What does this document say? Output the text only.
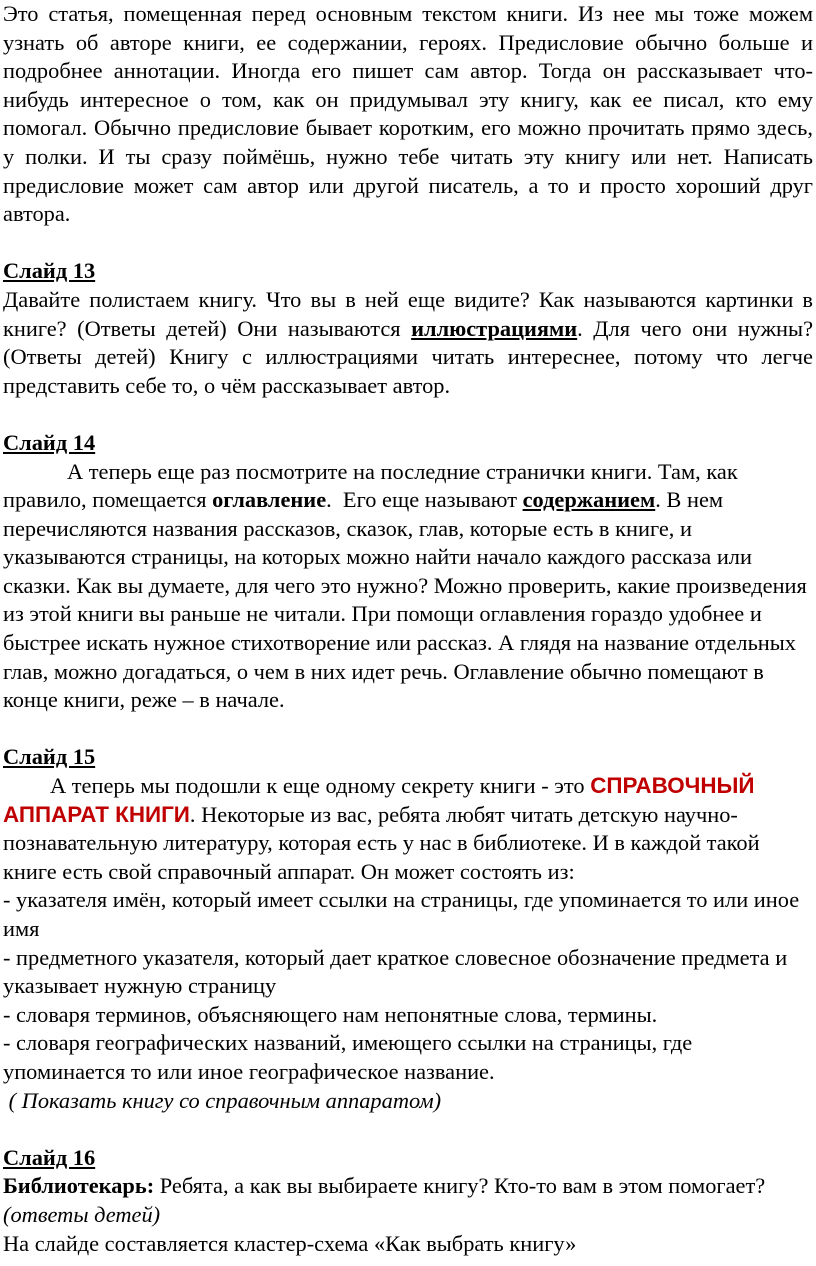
Это статья, помещенная перед основным текстом книги. Из нее мы тоже можем узнать об авторе книги, ее содержании, героях. Предисловие обычно больше и подробнее аннотации. Иногда его пишет сам автор. Тогда он рассказывает что-нибудь интересное о том, как он придумывал эту книгу, как ее писал, кто ему помогал. Обычно предисловие бывает коротким, его можно прочитать прямо здесь, у полки. И ты сразу поймёшь, нужно тебе читать эту книгу или нет. Написать предисловие может сам автор или другой писатель, а то и просто хороший друг автора.

Слайд 13

Давайте полистаем книгу. Что вы в ней еще видите? Как называются картинки в книге? (Ответы детей) Они называются иллюстрациями. Для чего они нужны? (Ответы детей) Книгу с иллюстрациями читать интереснее, потому что легче представить себе то, о чём рассказывает автор.

Слайд 14

А теперь еще раз посмотрите на последние странички книги. Там, как правило, помещается оглавление.  Его еще называют содержанием. В нем перечисляются названия рассказов, сказок, глав, которые есть в книге, и указываются страницы, на которых можно найти начало каждого рассказа или сказки. Как вы думаете, для чего это нужно? Можно проверить, какие произведения из этой книги вы раньше не читали. При помощи оглавления гораздо удобнее и быстрее искать нужное стихотворение или рассказ. А глядя на название отдельных глав, можно догадаться, о чем в них идет речь. Оглавление обычно помещают в конце книги, реже – в начале.

Слайд 15

А теперь мы подошли к еще одному секрету книги - это СПРАВОЧНЫЙ АППАРАТ КНИГИ. Некоторые из вас, ребята любят читать детскую научно-познавательную литературу, которая есть у нас в библиотеке. И в каждой такой книге есть свой справочный аппарат. Он может состоять из:

- указателя имён, который имеет ссылки на страницы, где упоминается то или иное имя

- предметного указателя, который дает краткое словесное обозначение предмета и указывает нужную страницу

- словаря терминов, объясняющего нам непонятные слова, термины.

- словаря географических названий, имеющего ссылки на страницы, где упоминается то или иное географическое название.

( Показать книгу со справочным аппаратом)

Слайд 16

Библиотекарь: Ребята, а как вы выбираете книгу? Кто-то вам в этом помогает? (ответы детей)

На слайде составляется кластер-схема «Как выбрать книгу»
